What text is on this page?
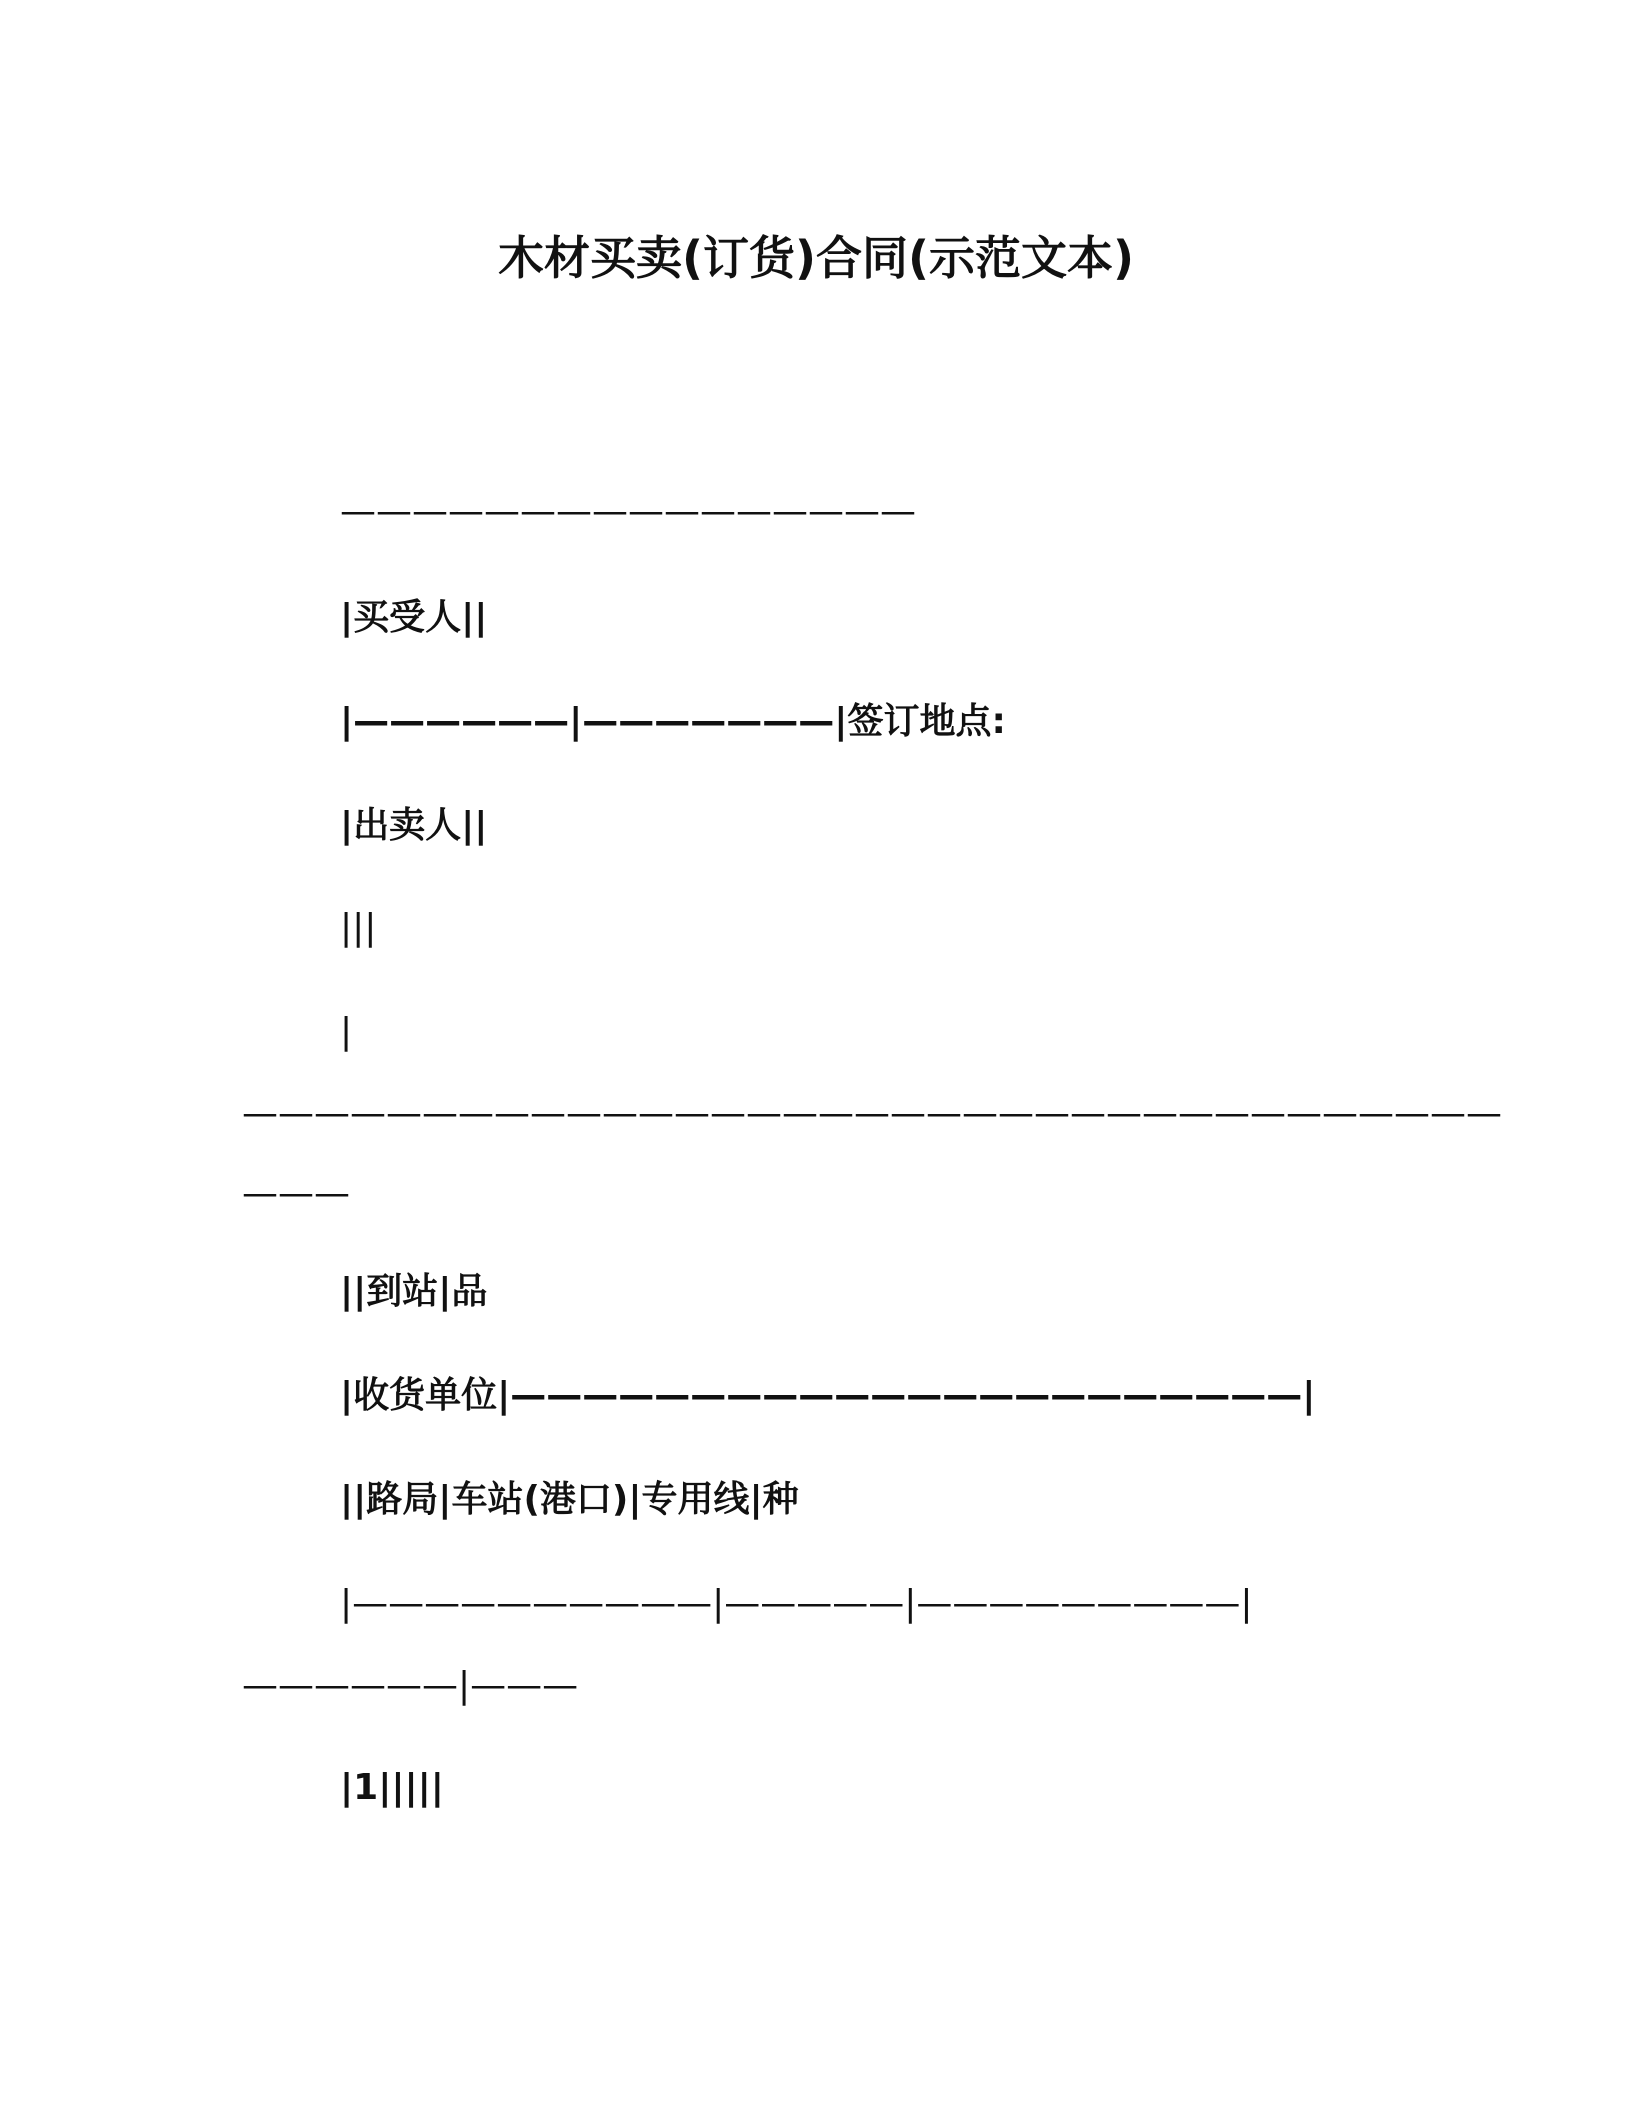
木材买卖(订货)合同(示范文本)
————————————————
|买受人||
|——————|———————|签订地点:
|出卖人||
|||
|
———————————————————————————————————
———
||到站|品
|收货单位|——————————————————————|
||路局|车站(港口)|专用线|种
|——————————|—————|—————————|
——————|———
|1|||||
